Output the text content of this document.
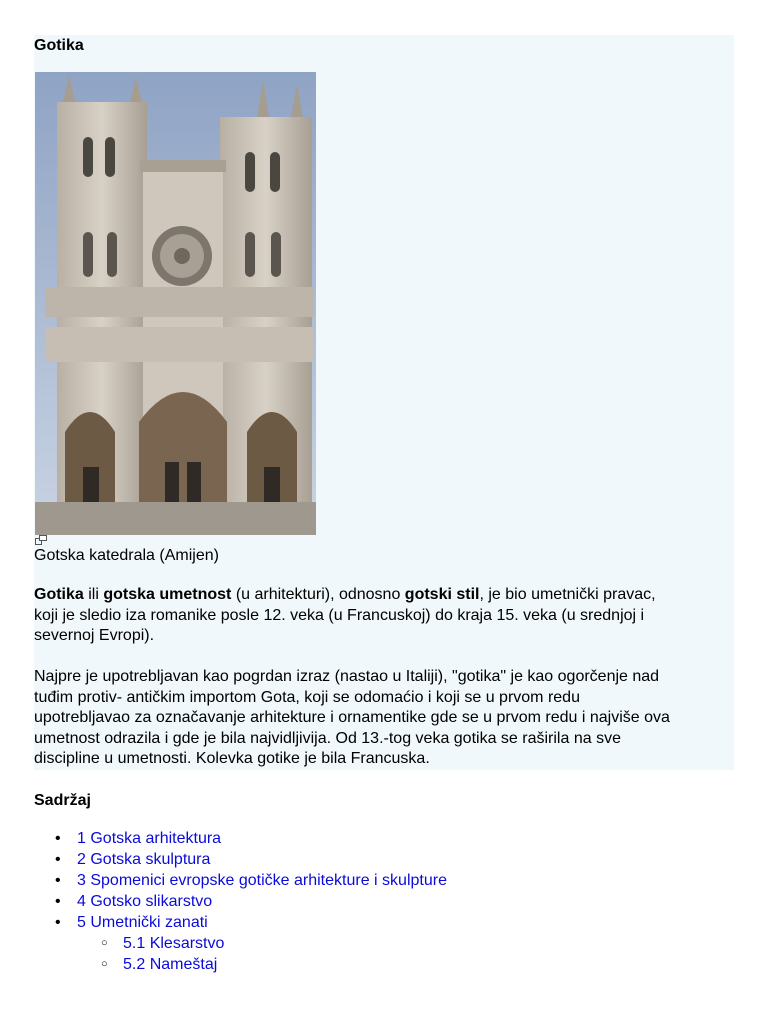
Gotika
Gotska katedrala (Amijen)

Gotika ili gotska umetnost (u arhitekturi), odnosno gotski stil, je bio umetnički pravac,
koji je sledio iza romanike posle 12. veka (u Francuskoj) do kraja 15. veka (u srednjoj i
severnoj Evropi).

Najpre je upotrebljavan kao pogrdan izraz (nastao u Italiji), "gotika" je kao ogorčenje nad
tuđim protiv- antičkim importom Gota, koji se odomaćio i koji se u prvom redu
upotrebljavao za označavanje arhitekture i ornamentike gde se u prvom redu i najviše ova
umetnost odrazila i gde je bila najvidljivija. Od 13.-tog veka gotika se raširila na sve
discipline u umetnosti. Kolevka gotike je bila Francuska.

Sadržaj
• 1 Gotska arhitektura
• 2 Gotska skulptura
• 3 Spomenici evropske gotičke arhitekture i skulpture
• 4 Gotsko slikarstvo
• 5 Umetnički zanati
○ 5.1 Klesarstvo
○ 5.2 Nameštaj
